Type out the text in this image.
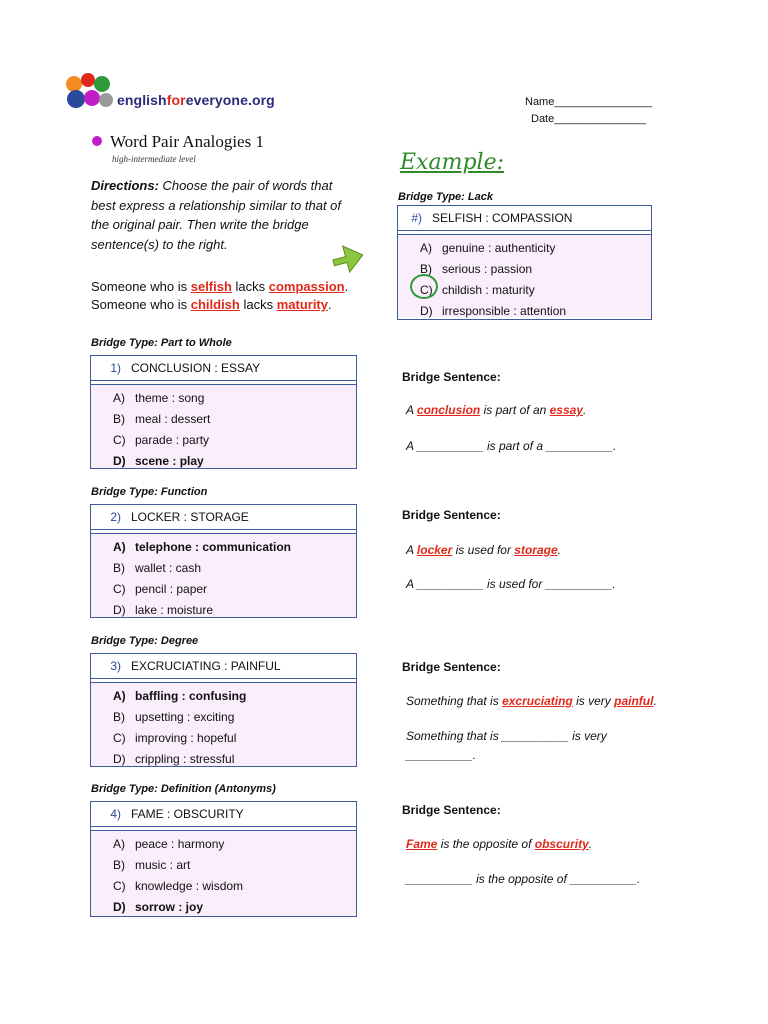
englishforeveryone.org	Name________________
Date_______________
Word Pair Analogies 1
high-intermediate level
Directions: Choose the pair of words that best express a relationship similar to that of the original pair. Then write the bridge sentence(s) to the right.
Someone who is selfish lacks compassion.
Someone who is childish lacks maturity.
Example:
Bridge Type: Lack
#) SELFISH : COMPASSION
A) genuine : authenticity
B) serious : passion
C) childish : maturity
D) irresponsible : attention
Bridge Type: Part to Whole
1) CONCLUSION : ESSAY
A) theme : song
B) meal : dessert
C) parade : party
D) scene : play
Bridge Sentence:
A conclusion is part of an essay.
A __________ is part of a __________.
Bridge Type: Function
2) LOCKER : STORAGE
A) telephone : communication
B) wallet : cash
C) pencil : paper
D) lake : moisture
Bridge Sentence:
A locker is used for storage.
A __________ is used for __________.
Bridge Type: Degree
3) EXCRUCIATING : PAINFUL
A) baffling : confusing
B) upsetting : exciting
C) improving : hopeful
D) crippling : stressful
Bridge Sentence:
Something that is excruciating is very painful.
Something that is __________ is very
__________.
Bridge Type: Definition (Antonyms)
4) FAME : OBSCURITY
A) peace : harmony
B) music : art
C) knowledge : wisdom
D) sorrow : joy
Bridge Sentence:
Fame is the opposite of obscurity.
__________ is the opposite of __________.
